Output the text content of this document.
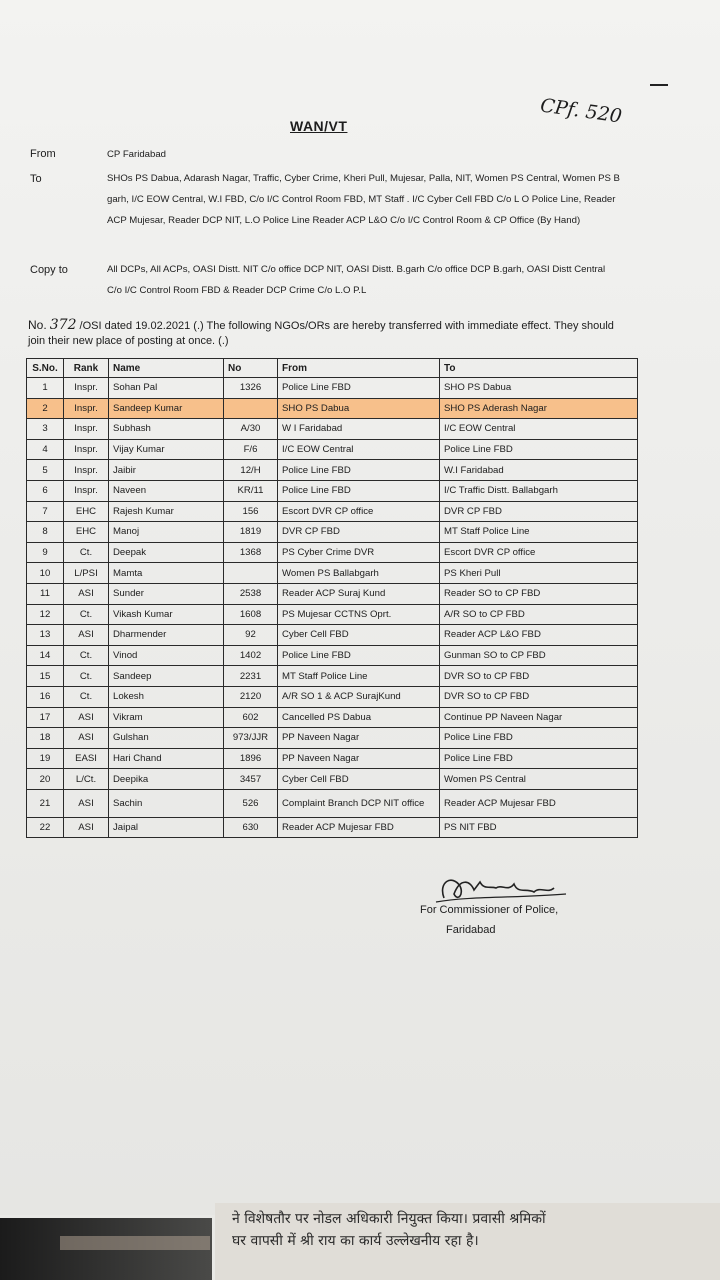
CPf. 520
WAN/VT
From	CP Faridabad
To	SHOs PS Dabua, Adarash Nagar, Traffic, Cyber Crime, Kheri Pull, Mujesar, Palla, NIT, Women PS Central, Women PS B garh, I/C EOW Central, W.I FBD, C/o I/C Control Room FBD, MT Staff . I/C Cyber Cell FBD C/o L O Police Line, Reader ACP Mujesar, Reader DCP NIT, L.O Police Line Reader ACP L&O C/o I/C Control Room & CP Office (By Hand)
Copy to	All DCPs, All ACPs, OASI Distt. NIT C/o office DCP NIT, OASI Distt. B.garh C/o office DCP B.garh, OASI Distt Central C/o I/C Control Room FBD & Reader DCP Crime C/o L.O P.L
No. 372 /OSI dated 19.02.2021 (.) The following NGOs/ORs are hereby transferred with immediate effect. They should join their new place of posting at once. (.)
S.No.	Rank	Name	No	From	To
1	Inspr.	Sohan Pal	1326	Police Line FBD	SHO PS Dabua
2	Inspr.	Sandeep Kumar		SHO PS Dabua	SHO PS Aderash Nagar
3	Inspr.	Subhash	A/30	W I Faridabad	I/C EOW Central
4	Inspr.	Vijay Kumar	F/6	I/C EOW Central	Police Line FBD
5	Inspr.	Jaibir	12/H	Police Line FBD	W.I Faridabad
6	Inspr.	Naveen	KR/11	Police Line FBD	I/C Traffic Distt. Ballabgarh
7	EHC	Rajesh Kumar	156	Escort DVR CP office	DVR CP FBD
8	EHC	Manoj	1819	DVR CP FBD	MT Staff Police Line
9	Ct.	Deepak	1368	PS Cyber Crime DVR	Escort DVR CP office
10	L/PSI	Mamta		Women PS Ballabgarh	PS Kheri Pull
11	ASI	Sunder	2538	Reader ACP Suraj Kund	Reader SO to CP FBD
12	Ct.	Vikash Kumar	1608	PS Mujesar CCTNS Oprt.	A/R SO to CP FBD
13	ASI	Dharmender	92	Cyber Cell FBD	Reader ACP L&O FBD
14	Ct.	Vinod	1402	Police Line FBD	Gunman SO to CP FBD
15	Ct.	Sandeep	2231	MT Staff Police Line	DVR SO to CP FBD
16	Ct.	Lokesh	2120	A/R SO 1 & ACP SurajKund	DVR SO to CP FBD
17	ASI	Vikram	602	Cancelled PS Dabua	Continue PP Naveen Nagar
18	ASI	Gulshan	973/JJR	PP Naveen Nagar	Police Line FBD
19	EASI	Hari Chand	1896	PP Naveen Nagar	Police Line FBD
20	L/Ct.	Deepika	3457	Cyber Cell FBD	Women PS Central
21	ASI	Sachin	526	Complaint Branch DCP NIT office	Reader ACP Mujesar FBD
22	ASI	Jaipal	630	Reader ACP Mujesar FBD	PS NIT FBD
For Commissioner of Police,
Faridabad
ने विशेषतौर पर नोडल अधिकारी नियुक्त किया। प्रवासी श्रमिकों
घर वापसी में श्री राय का कार्य उल्लेखनीय रहा है।
